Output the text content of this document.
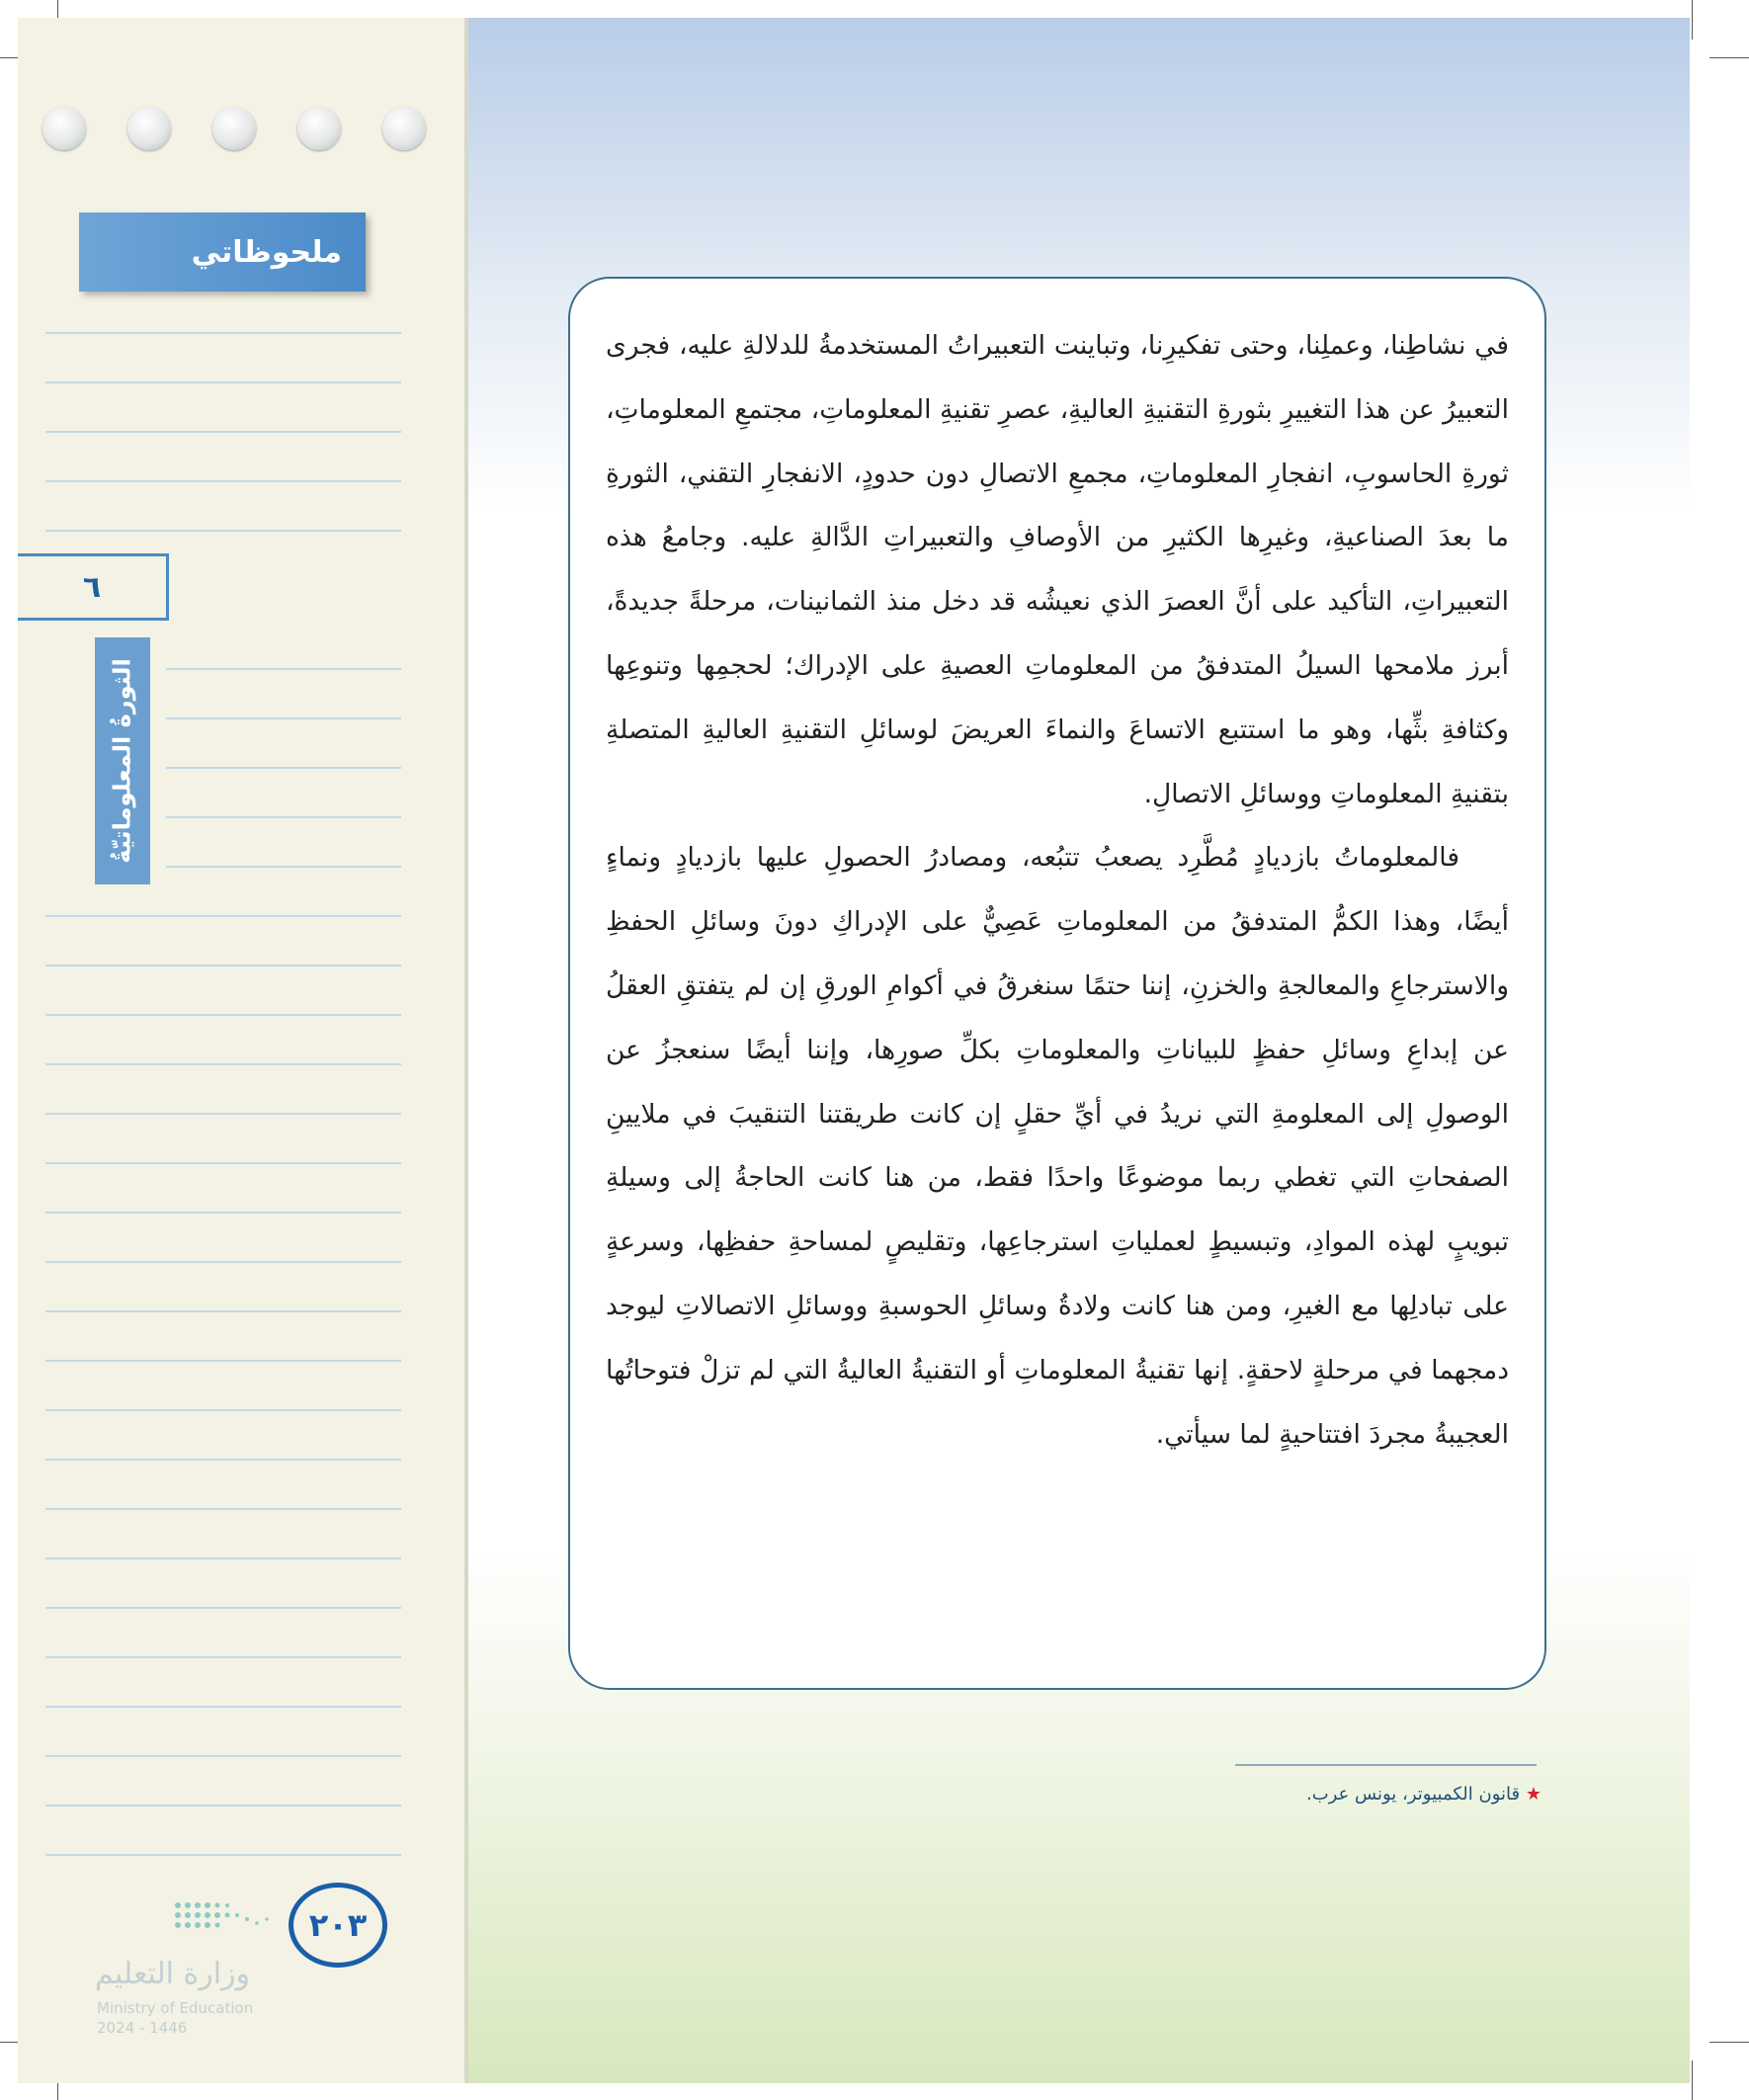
ملحوظاتي
٦
الثورةُ المعلوماتيّةُ
٢٠٣
وزارة التعليم
Ministry of Education
2024 - 1446

في نشاطِنا، وعملِنا، وحتى تفكيرِنا، وتباينت التعبيراتُ المستخدمةُ للدلالةِ عليه، فجرى التعبيرُ عن هذا التغييرِ بثورةِ التقنيةِ العاليةِ، عصرِ تقنيةِ المعلوماتِ، مجتمعِ المعلوماتِ، ثورةِ الحاسوبِ، انفجارِ المعلوماتِ، مجمعِ الاتصالِ دون حدودٍ، الانفجارِ التقني، الثورةِ ما بعدَ الصناعيةِ، وغيرِها الكثيرِ من الأوصافِ والتعبيراتِ الدَّالةِ عليه. وجامعُ هذه التعبيراتِ، التأكيد على أنَّ العصرَ الذي نعيشُه قد دخل منذ الثمانينات، مرحلةً جديدةً، أبرز ملامحها السيلُ المتدفقُ من المعلوماتِ العصيةِ على الإدراك؛ لحجمِها وتنوعِها وكثافةِ بثِّها، وهو ما استتبع الاتساعَ والنماءَ العريضَ لوسائلِ التقنيةِ العاليةِ المتصلةِ بتقنيةِ المعلوماتِ ووسائلِ الاتصالِ.

فالمعلوماتُ بازديادٍ مُطَّرِد يصعبُ تتبُعه، ومصادرُ الحصولِ عليها بازديادٍ ونماءٍ أيضًا، وهذا الكمُّ المتدفقُ من المعلوماتِ عَصِيٌّ على الإدراكِ دونَ وسائلِ الحفظِ والاسترجاعِ والمعالجةِ والخزنِ، إننا حتمًا سنغرقُ في أكوامِ الورقِ إن لم يتفتقِ العقلُ عن إبداعِ وسائلِ حفظٍ للبياناتِ والمعلوماتِ بكلِّ صورِها، وإننا أيضًا سنعجزُ عن الوصولِ إلى المعلومةِ التي نريدُ في أيِّ حقلٍ إن كانت طريقتنا التنقيبَ في ملايينِ الصفحاتِ التي تغطي ربما موضوعًا واحدًا فقط، من هنا كانت الحاجةُ إلى وسيلةِ تبويبٍ لهذه الموادِ، وتبسيطٍ لعملياتِ استرجاعِها، وتقليصٍ لمساحةِ حفظِها، وسرعةٍ على تبادلِها مع الغيرِ، ومن هنا كانت ولادةُ وسائلِ الحوسبةِ ووسائلِ الاتصالاتِ ليوجد دمجهما في مرحلةٍ لاحقةٍ. إنها تقنيةُ المعلوماتِ أو التقنيةُ العاليةُ التي لم تزلْ فتوحاتُها العجيبةُ مجردَ افتتاحيةٍ لما سيأتي.

★ قانون الكمبيوتر، يونس عرب.
